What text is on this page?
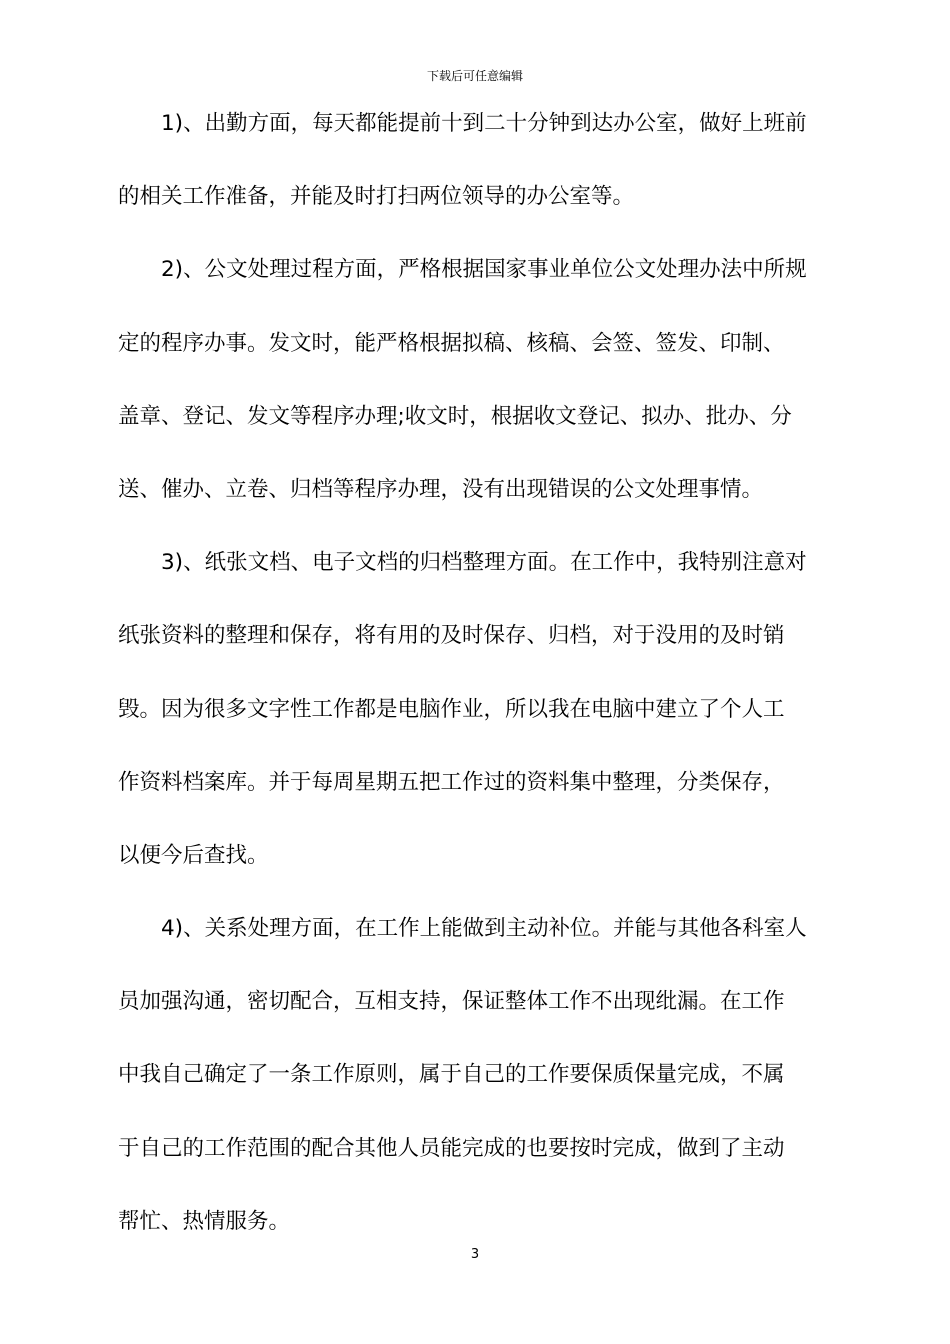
下载后可任意编辑
1)、出勤方面，每天都能提前十到二十分钟到达办公室，做好上班前
的相关工作准备，并能及时打扫两位领导的办公室等。
2)、公文处理过程方面，严格根据国家事业单位公文处理办法中所规
定的程序办事。发文时，能严格根据拟稿、核稿、会签、签发、印制、
盖章、登记、发文等程序办理;收文时，根据收文登记、拟办、批办、分
送、催办、立卷、归档等程序办理，没有出现错误的公文处理事情。
3)、纸张文档、电子文档的归档整理方面。在工作中，我特别注意对
纸张资料的整理和保存，将有用的及时保存、归档，对于没用的及时销
毁。因为很多文字性工作都是电脑作业，所以我在电脑中建立了个人工
作资料档案库。并于每周星期五把工作过的资料集中整理，分类保存，
以便今后查找。
4)、关系处理方面，在工作上能做到主动补位。并能与其他各科室人
员加强沟通，密切配合，互相支持，保证整体工作不出现纰漏。在工作
中我自己确定了一条工作原则，属于自己的工作要保质保量完成，不属
于自己的工作范围的配合其他人员能完成的也要按时完成，做到了主动
帮忙、热情服务。
3
